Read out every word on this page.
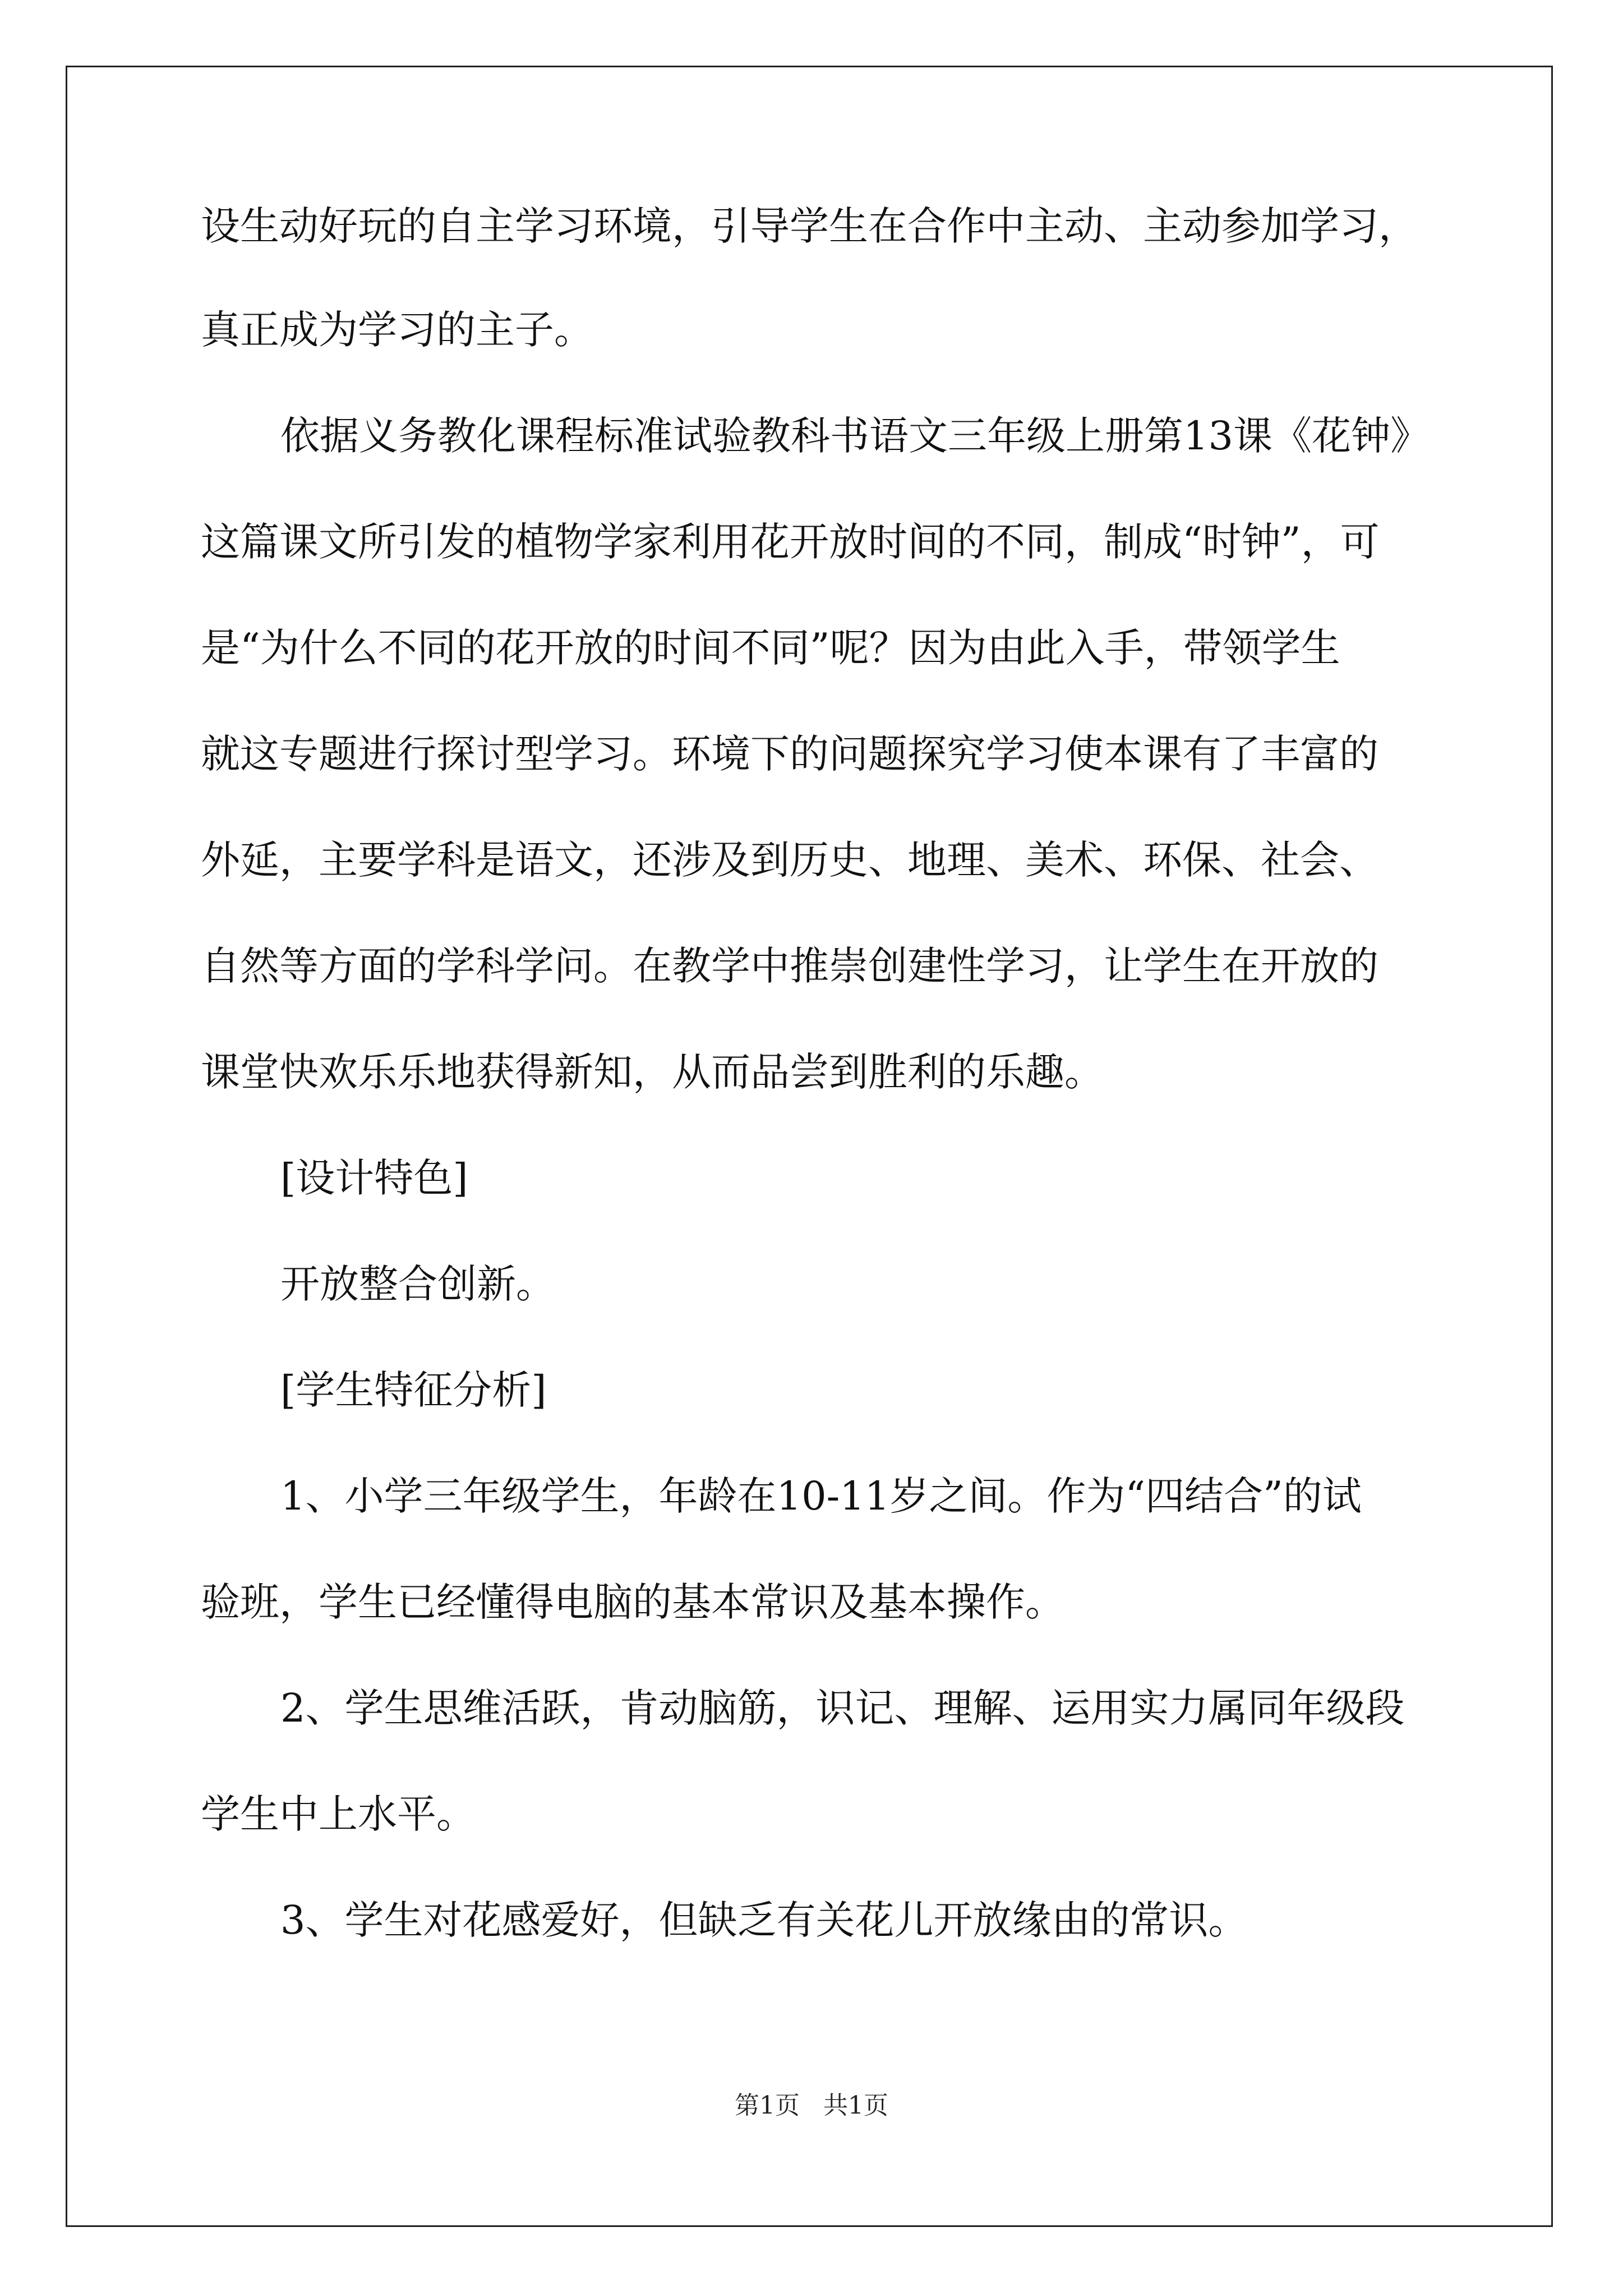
设生动好玩的自主学习环境，引导学生在合作中主动、主动参加学习，
真正成为学习的主子。
依据义务教化课程标准试验教科书语文三年级上册第13课《花钟》
这篇课文所引发的植物学家利用花开放时间的不同，制成“时钟”，可
是“为什么不同的花开放的时间不同”呢？因为由此入手，带领学生
就这专题进行探讨型学习。环境下的问题探究学习使本课有了丰富的
外延，主要学科是语文，还涉及到历史、地理、美术、环保、社会、
自然等方面的学科学问。在教学中推崇创建性学习，让学生在开放的
课堂快欢乐乐地获得新知，从而品尝到胜利的乐趣。
[设计特色]
开放整合创新。
[学生特征分析]
1、小学三年级学生，年龄在10-11岁之间。作为“四结合”的试
验班，学生已经懂得电脑的基本常识及基本操作。
2、学生思维活跃，肯动脑筋，识记、理解、运用实力属同年级段
学生中上水平。
3、学生对花感爱好，但缺乏有关花儿开放缘由的常识。
第1页   共1页
